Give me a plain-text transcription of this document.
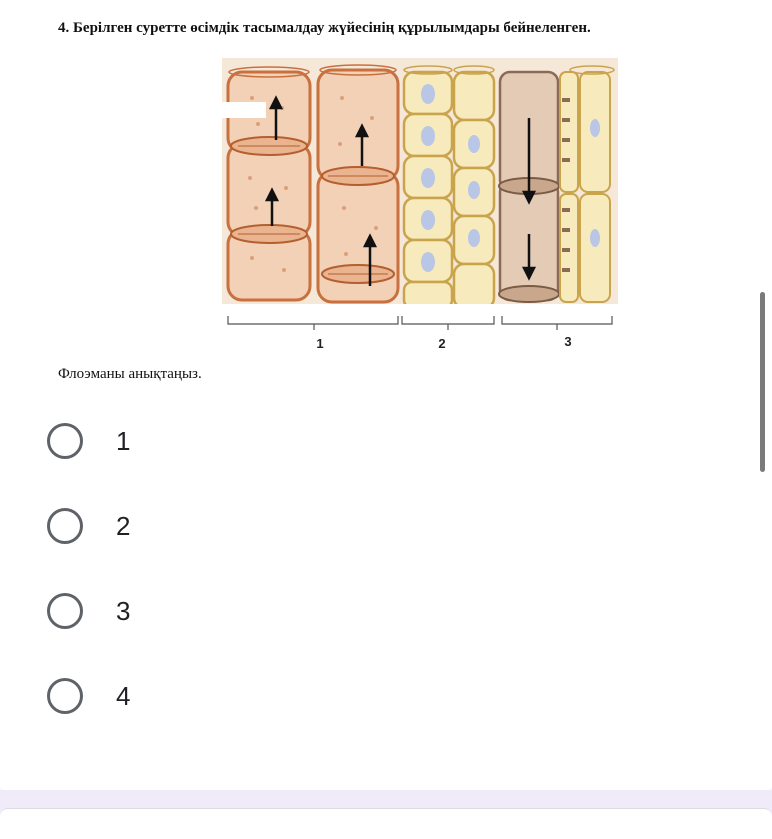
4. Берілген суретте өсімдік тасымалдау жүйесінің құрылымдары бейнеленген.
1	2	3
Флоэманы анықтаңыз.
1
2
3
4
